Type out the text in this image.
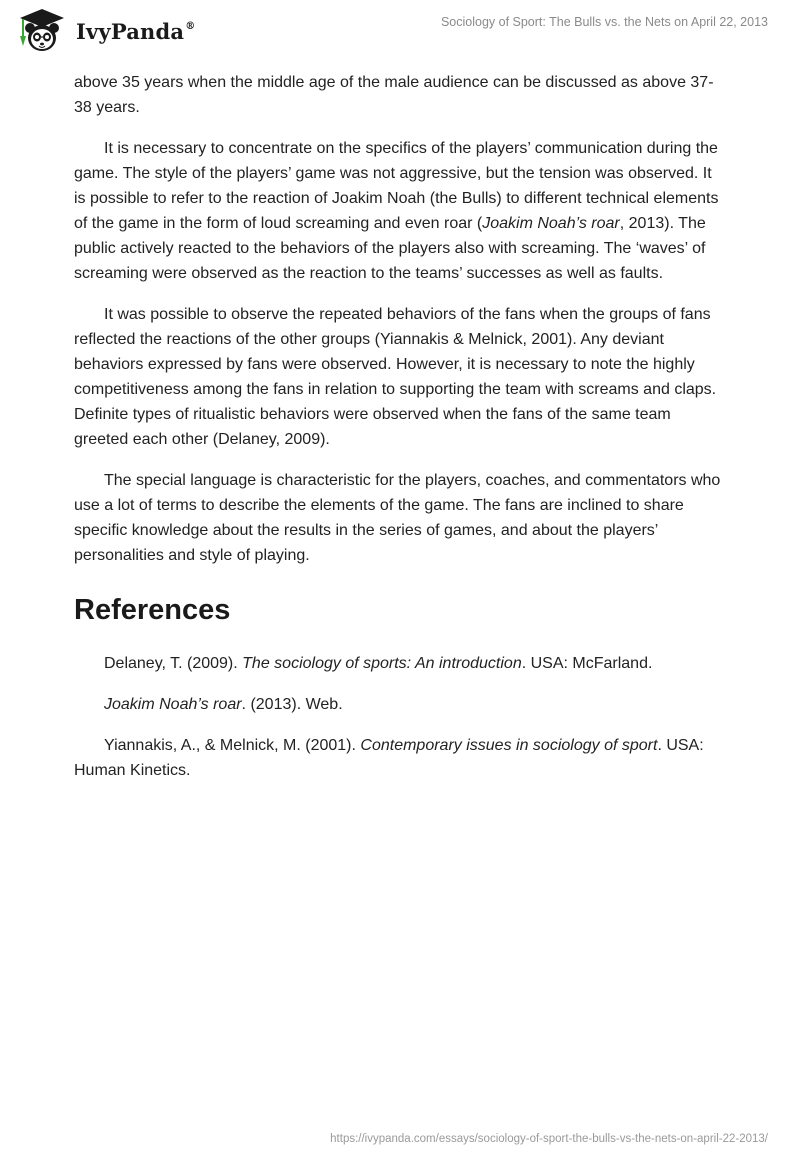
IvyPanda®	Sociology of Sport: The Bulls vs. the Nets on April 22, 2013

above 35 years when the middle age of the male audience can be discussed as above 37-38 years.

It is necessary to concentrate on the specifics of the players’ communication during the game. The style of the players’ game was not aggressive, but the tension was observed. It is possible to refer to the reaction of Joakim Noah (the Bulls) to different technical elements of the game in the form of loud screaming and even roar (Joakim Noah’s roar, 2013). The public actively reacted to the behaviors of the players also with screaming. The ‘waves’ of screaming were observed as the reaction to the teams’ successes as well as faults.

It was possible to observe the repeated behaviors of the fans when the groups of fans reflected the reactions of the other groups (Yiannakis & Melnick, 2001). Any deviant behaviors expressed by fans were observed. However, it is necessary to note the highly competitiveness among the fans in relation to supporting the team with screams and claps. Definite types of ritualistic behaviors were observed when the fans of the same team greeted each other (Delaney, 2009).

The special language is characteristic for the players, coaches, and commentators who use a lot of terms to describe the elements of the game. The fans are inclined to share specific knowledge about the results in the series of games, and about the players’ personalities and style of playing.

References

Delaney, T. (2009). The sociology of sports: An introduction. USA: McFarland.

Joakim Noah’s roar. (2013). Web.

Yiannakis, A., & Melnick, M. (2001). Contemporary issues in sociology of sport. USA: Human Kinetics.

https://ivypanda.com/essays/sociology-of-sport-the-bulls-vs-the-nets-on-april-22-2013/
